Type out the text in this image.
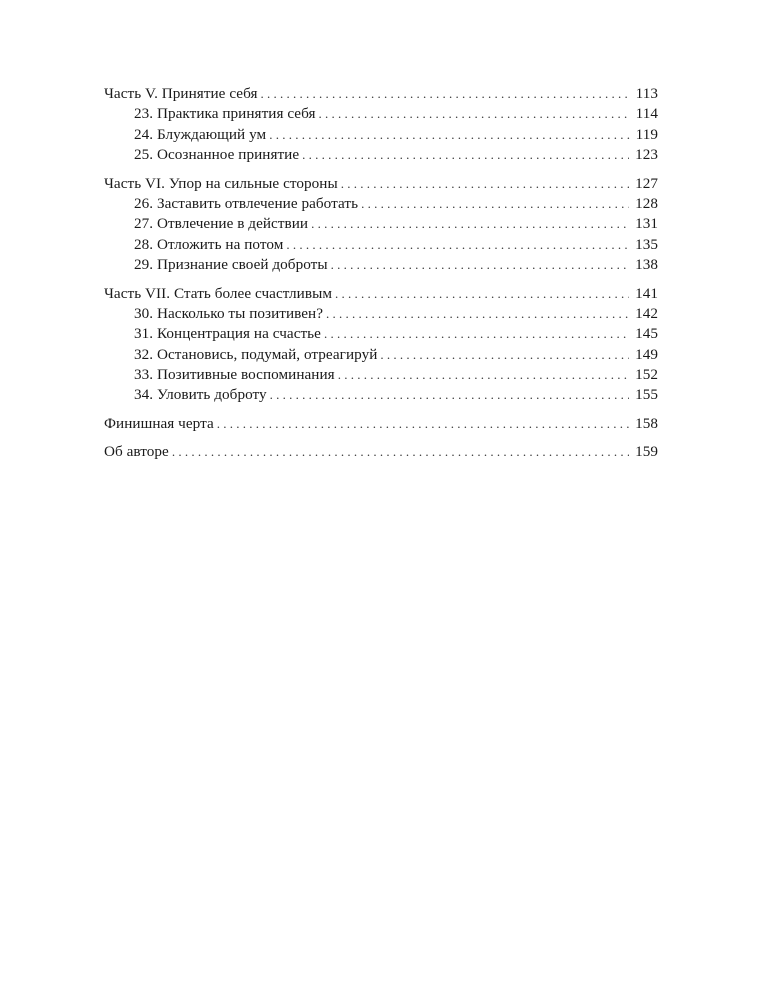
Часть V. Принятие себя . . .	113
23. Практика принятия себя . . .	114
24. Блуждающий ум . . .	119
25. Осознанное принятие . . .	123
Часть VI. Упор на сильные стороны . . .	127
26. Заставить отвлечение работать . . .	128
27. Отвлечение в действии . . .	131
28. Отложить на потом . . .	135
29. Признание своей доброты . . .	138
Часть VII. Стать более счастливым . . .	141
30. Насколько ты позитивен? . . .	142
31. Концентрация на счастье . . .	145
32. Остановись, подумай, отреагируй . . .	149
33. Позитивные воспоминания . . .	152
34. Уловить доброту . . .	155
Финишная черта . . .	158
Об авторе . . .	159
